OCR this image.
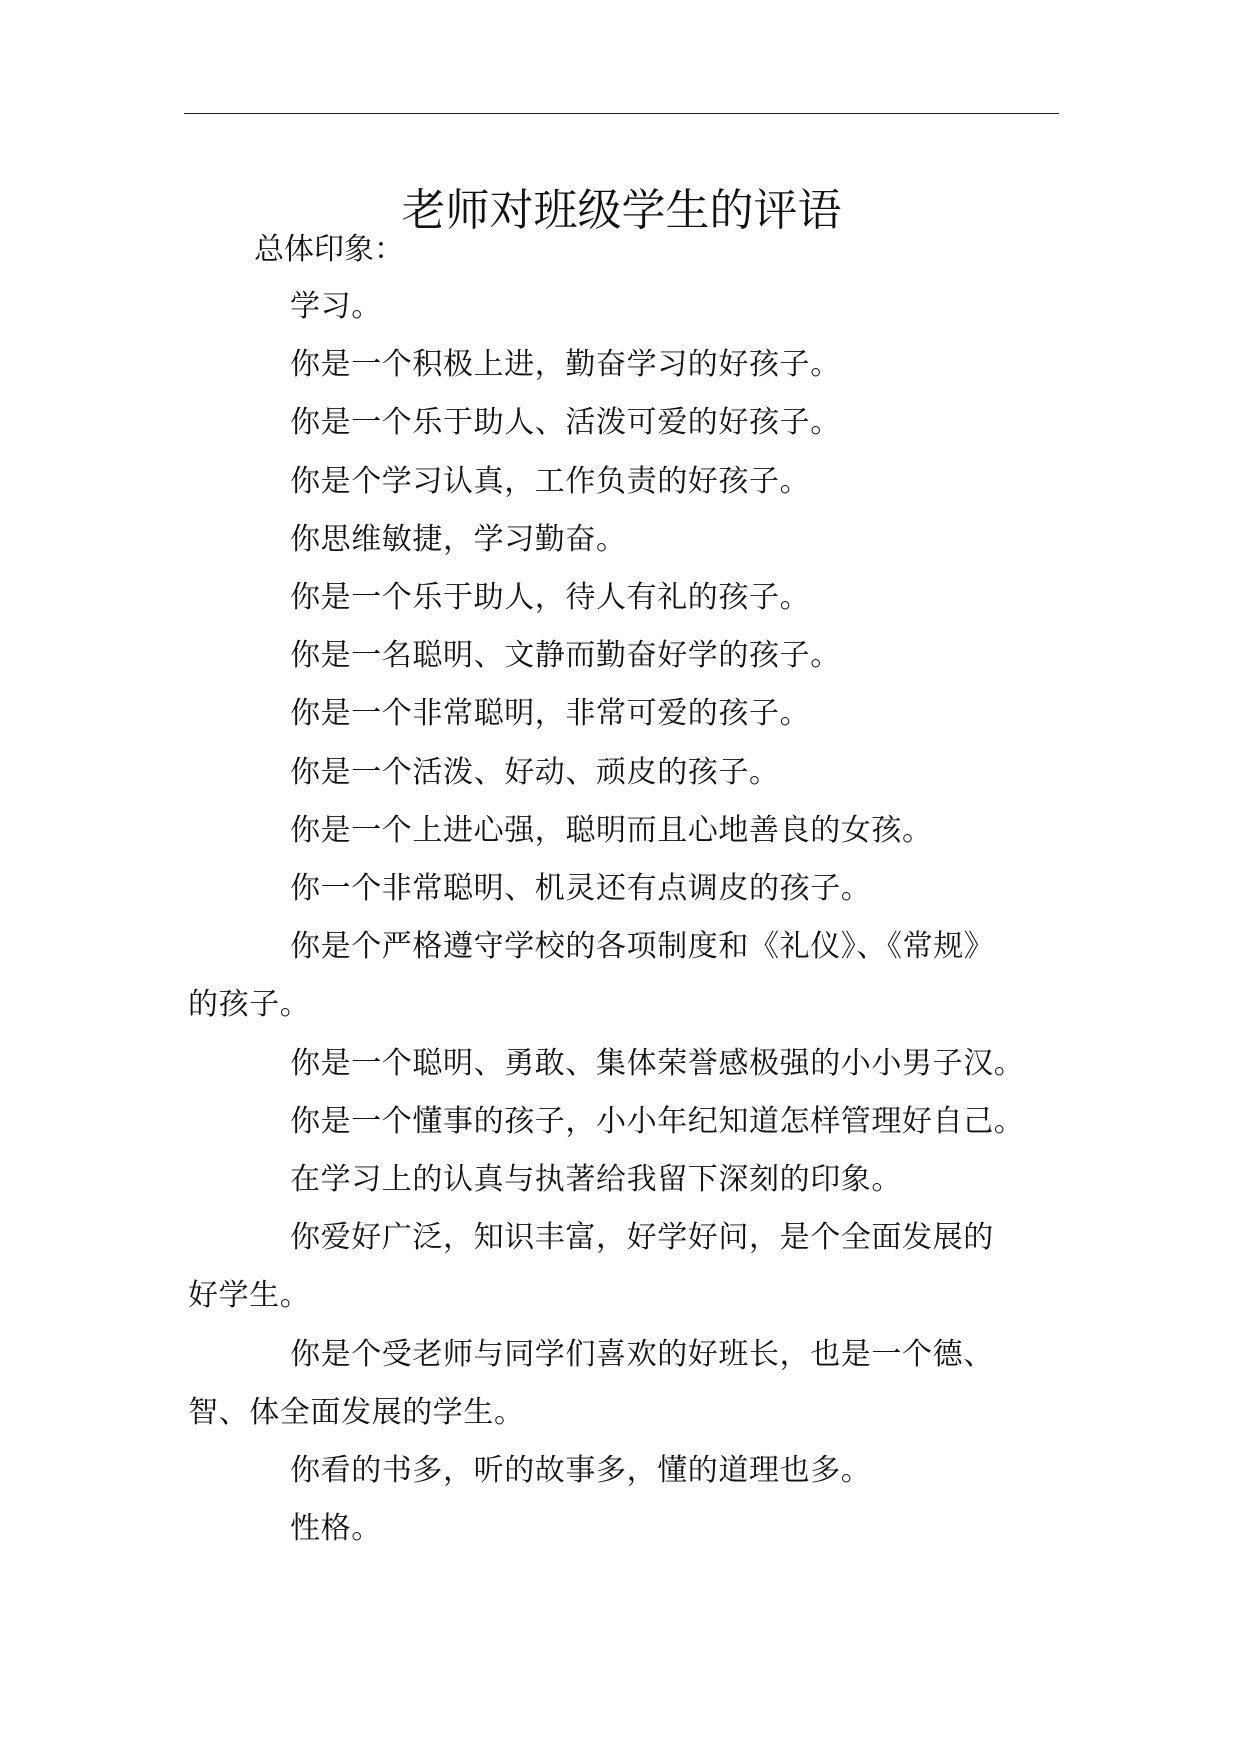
老师对班级学生的评语
总体印象：

学习。

你是一个积极上进，勤奋学习的好孩子。

你是一个乐于助人、活泼可爱的好孩子。

你是个学习认真，工作负责的好孩子。

你思维敏捷，学习勤奋。

你是一个乐于助人，待人有礼的孩子。

你是一名聪明、文静而勤奋好学的孩子。

你是一个非常聪明，非常可爱的孩子。

你是一个活泼、好动、顽皮的孩子。

你是一个上进心强，聪明而且心地善良的女孩。

你一个非常聪明、机灵还有点调皮的孩子。

你是个严格遵守学校的各项制度和《礼仪》、《常规》
的孩子。

你是一个聪明、勇敢、集体荣誉感极强的小小男子汉。

你是一个懂事的孩子，小小年纪知道怎样管理好自己。

在学习上的认真与执著给我留下深刻的印象。

你爱好广泛，知识丰富，好学好问，是个全面发展的
好学生。

你是个受老师与同学们喜欢的好班长，也是一个德、
智、体全面发展的学生。

你看的书多，听的故事多，懂的道理也多。

性格。
